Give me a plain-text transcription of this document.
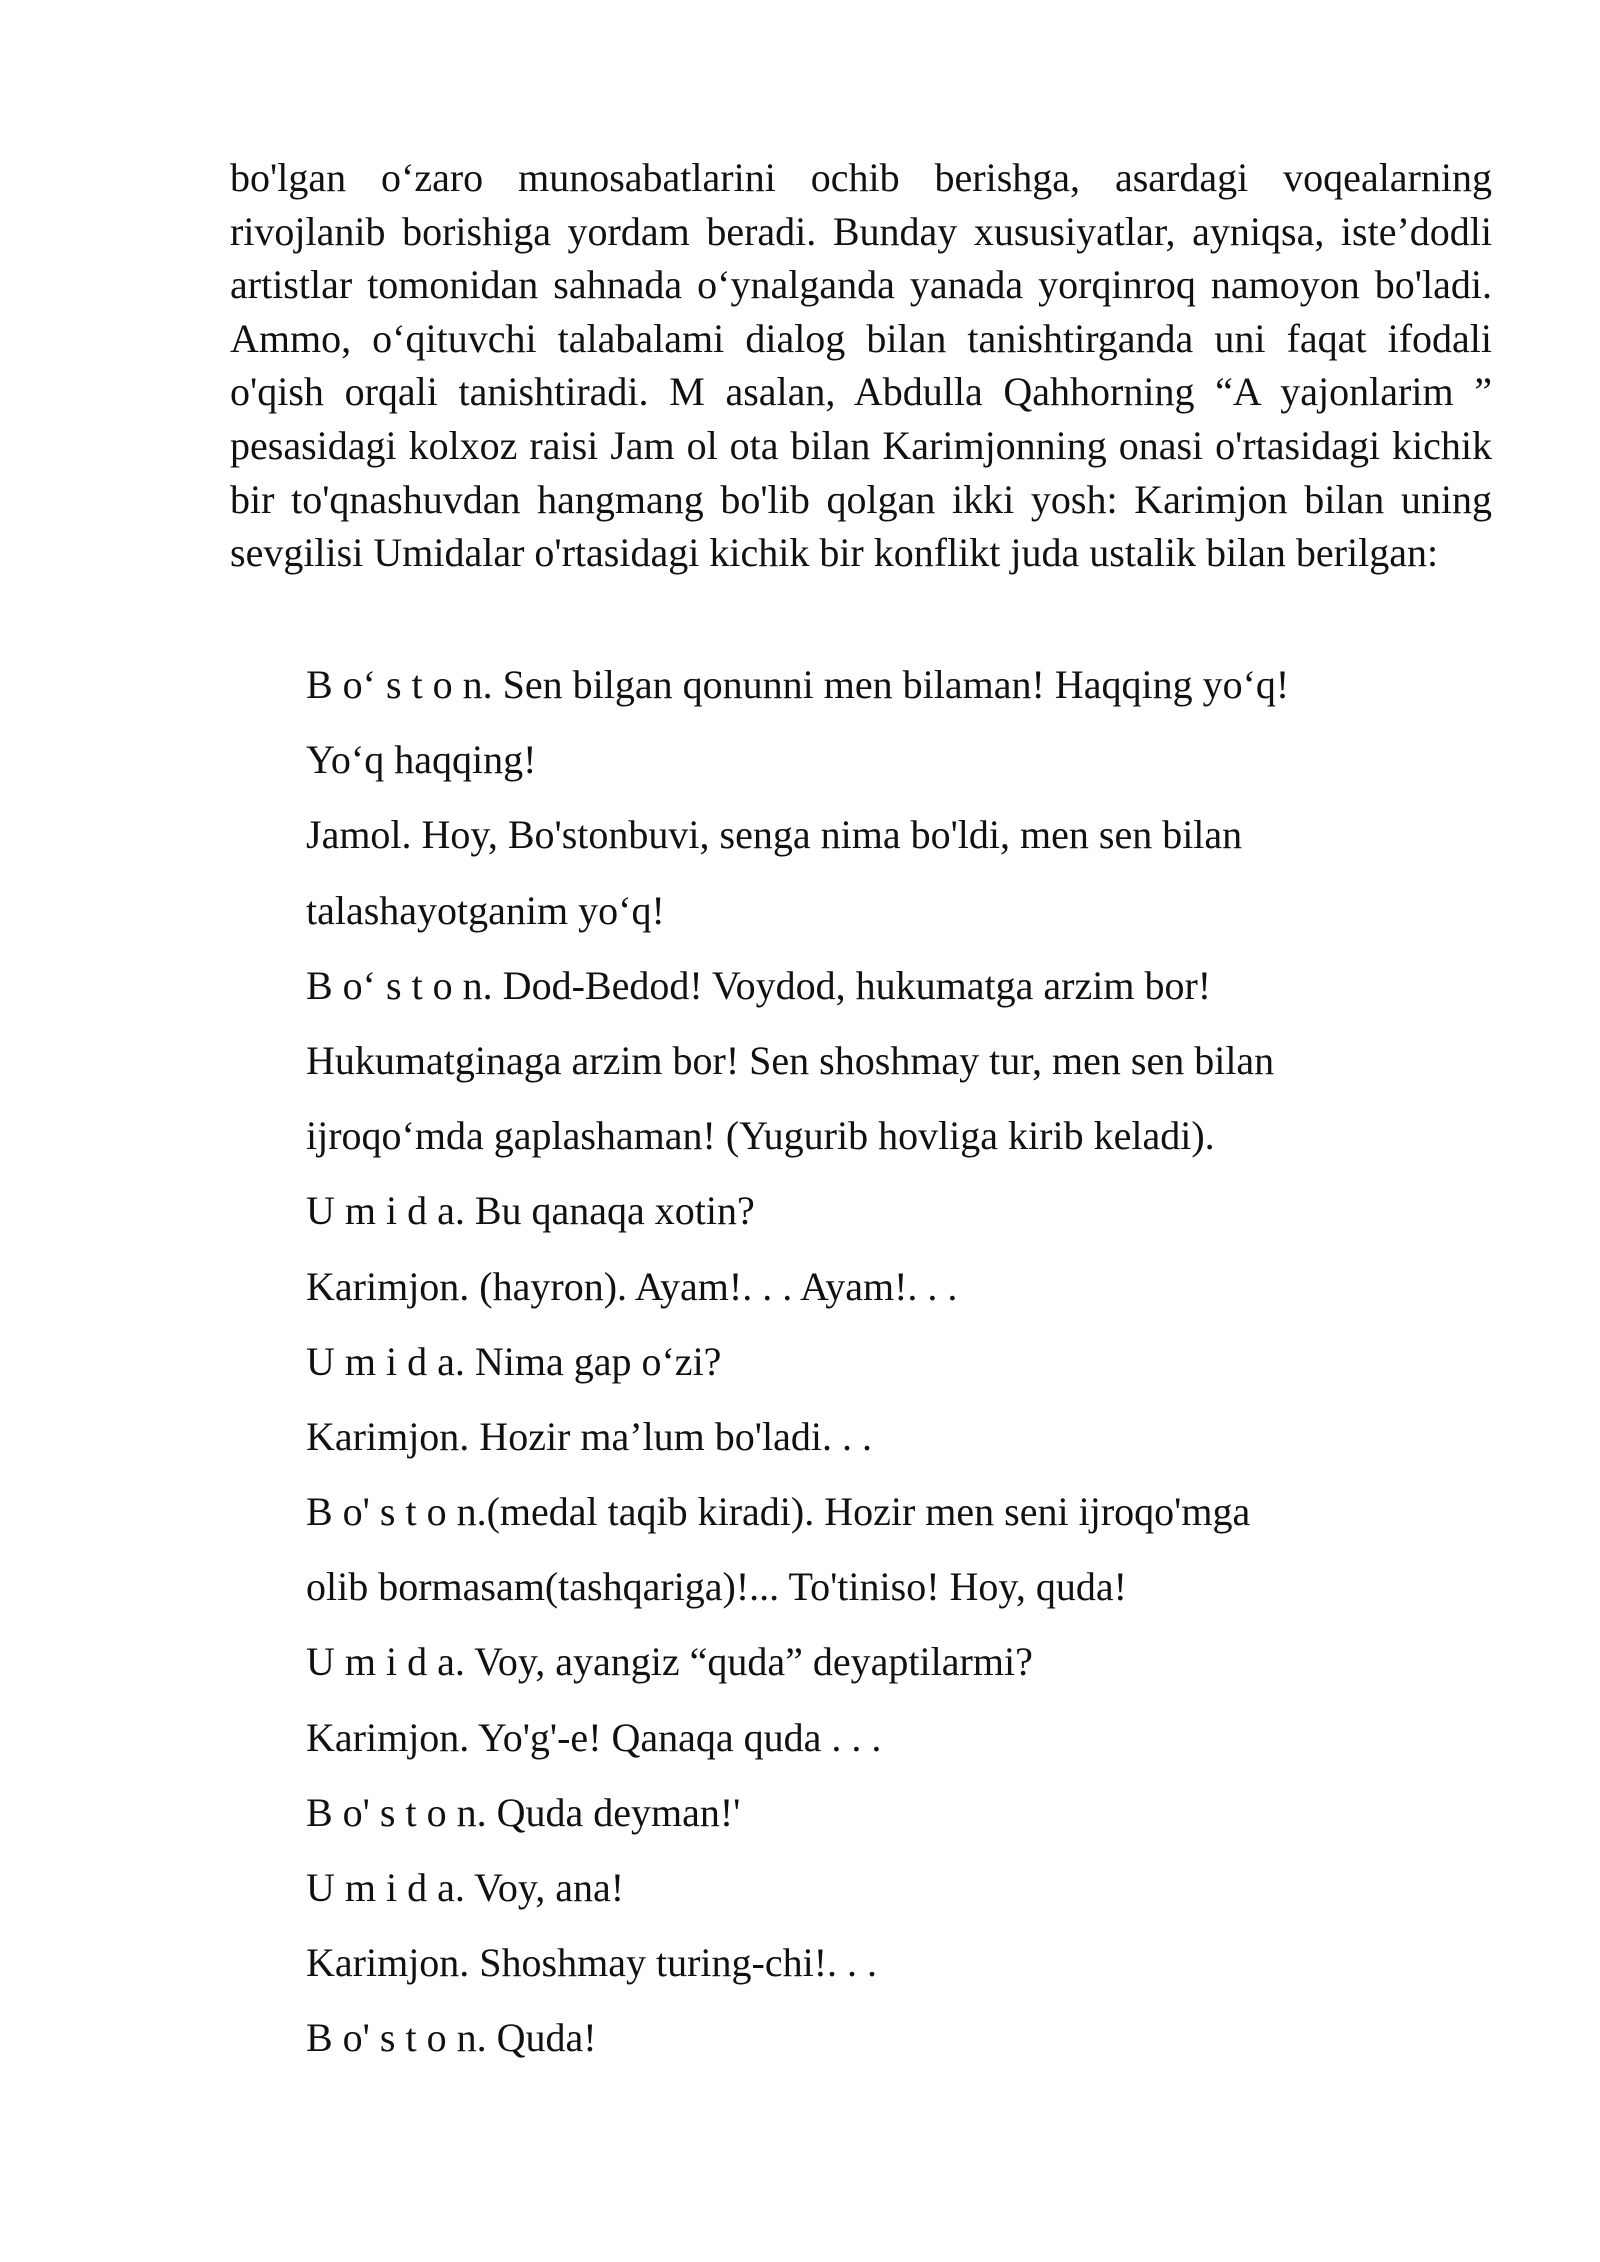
bo'lgan o‘zaro munosabatlarini ochib berishga, asardagi voqealarning rivojlanib borishiga yordam beradi. Bunday xususiyatlar, ayniqsa, iste’dodli artistlar tomonidan sahnada o‘ynalganda yanada yorqinroq namoyon bo'ladi. Ammo, o‘qituvchi talabalami dialog bilan tanishtirganda uni faqat ifodali o'qish orqali tanishtiradi. M asalan, Abdulla Qahhorning “A yajonlarim ” pesasidagi kolxoz raisi Jam ol ota bilan Karimjonning onasi o'rtasidagi kichik bir to'qnashuvdan hangmang bo'lib qolgan ikki yosh: Karimjon bilan uning sevgilisi Umidalar o'rtasidagi kichik bir konflikt juda ustalik bilan berilgan:

B o‘ s t o n. Sen bilgan qonunni men bilaman! Haqqing yo‘q!
Yo‘q haqqing!
Jamol. Hoy, Bo'stonbuvi, senga nima bo'ldi, men sen bilan
talashayotganim yo‘q!
B o‘ s t o n. Dod-Bedod! Voydod, hukumatga arzim bor!
Hukumatginaga arzim bor! Sen shoshmay tur, men sen bilan
ijroqo‘mda gaplashaman! (Yugurib hovliga kirib keladi).
U m i d a. Bu qanaqa xotin?
Karimjon. (hayron). Ayam!. . . Ayam!. . .
U m i d a. Nima gap o‘zi?
Karimjon. Hozir ma’lum bo'ladi. . .
B o' s t o n.(medal taqib kiradi). Hozir men seni ijroqo'mga
olib bormasam(tashqariga)!... To'tiniso! Hoy, quda!
U m i d a. Voy, ayangiz “quda” deyaptilarmi?
Karimjon. Yo'g'-e! Qanaqa quda . . .
B o' s t o n. Quda deyman!'
U m i d a. Voy, ana!
Karimjon. Shoshmay turing-chi!. . .
B o' s t o n. Quda!
